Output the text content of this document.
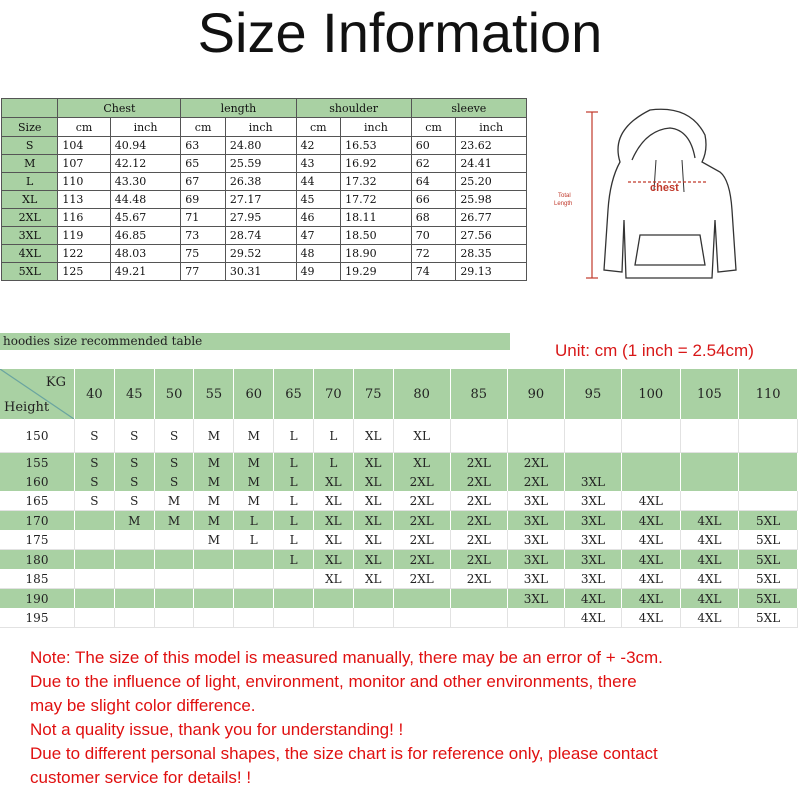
Size Information
	Chest		length		shoulder		sleeve	
Size	cm	inch	cm	inch	cm	inch	cm	inch
S	104	40.94	63	24.80	42	16.53	60	23.62
M	107	42.12	65	25.59	43	16.92	62	24.41
L	110	43.30	67	26.38	44	17.32	64	25.20
XL	113	44.48	69	27.17	45	17.72	66	25.98
2XL	116	45.67	71	27.95	46	18.11	68	26.77
3XL	119	46.85	73	28.74	47	18.50	70	27.56
4XL	122	48.03	75	29.52	48	18.90	72	28.35
5XL	125	49.21	77	30.31	49	19.29	74	29.13
chest
Total
Length
hoodies size recommended table	Unit: cm (1 inch = 2.54cm)
KG
Height	40	45	50	55	60	65	70	75	80	85	90	95	100	105	110
150	S	S	S	M	M	L	L	XL	XL						
155	S	S	S	M	M	L	L	XL	XL	2XL	2XL				
160	S	S	S	M	M	L	XL	XL	2XL	2XL	2XL	3XL			
165	S	S	M	M	M	L	XL	XL	2XL	2XL	3XL	3XL	4XL		
170		M	M	M	L	L	XL	XL	2XL	2XL	3XL	3XL	4XL	4XL	5XL
175				M	L	L	XL	XL	2XL	2XL	3XL	3XL	4XL	4XL	5XL
180						L	XL	XL	2XL	2XL	3XL	3XL	4XL	4XL	5XL
185							XL	XL	2XL	2XL	3XL	3XL	4XL	4XL	5XL
190											3XL	4XL	4XL	4XL	5XL
195												4XL	4XL	4XL	5XL
Note: The size of this model is measured manually, there may be an error of + -3cm.
Due to the influence of light, environment, monitor and other environments, there
may be slight color difference.
Not a quality issue, thank you for understanding! !
Due to different personal shapes, the size chart is for reference only, please contact
customer service for details! !
